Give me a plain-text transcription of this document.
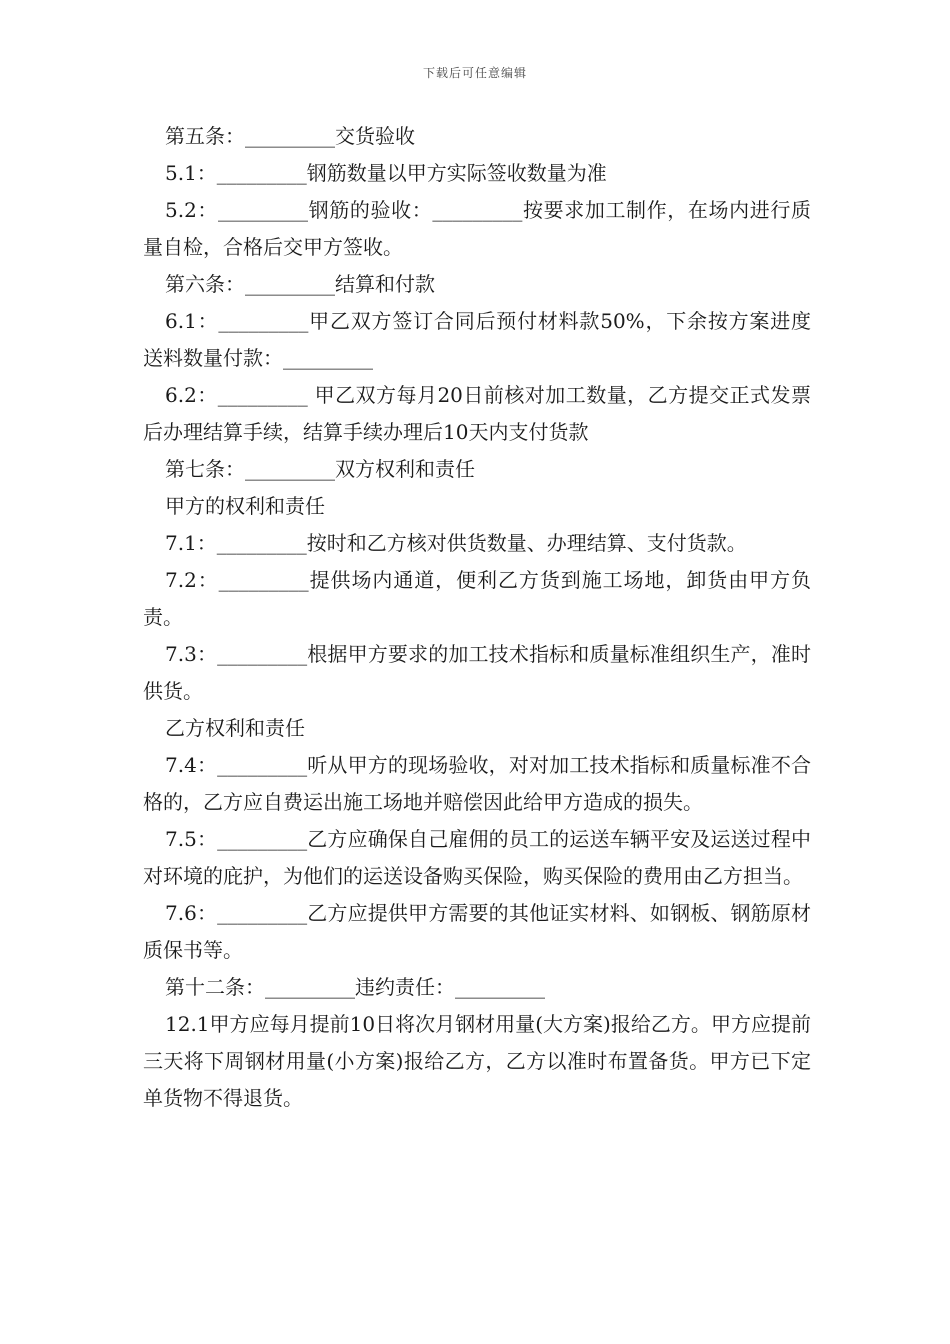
下载后可任意编辑

第五条：_________交货验收

5.1：_________钢筋数量以甲方实际签收数量为准

5.2：_________钢筋的验收：_________按要求加工制作，在场内进行质量自检，合格后交甲方签收。

第六条：_________结算和付款

6.1：_________甲乙双方签订合同后预付材料款50%，下余按方案进度送料数量付款：_________

6.2：_________ 甲乙双方每月20日前核对加工数量，乙方提交正式发票后办理结算手续，结算手续办理后10天内支付货款

第七条：_________双方权利和责任

甲方的权利和责任

7.1：_________按时和乙方核对供货数量、办理结算、支付货款。

7.2：_________提供场内通道，便利乙方货到施工场地，卸货由甲方负责。

7.3：_________根据甲方要求的加工技术指标和质量标准组织生产，准时供货。

乙方权利和责任

7.4：_________听从甲方的现场验收，对对加工技术指标和质量标准不合格的，乙方应自费运出施工场地并赔偿因此给甲方造成的损失。

7.5：_________乙方应确保自己雇佣的员工的运送车辆平安及运送过程中对环境的庇护，为他们的运送设备购买保险，购买保险的费用由乙方担当。

7.6：_________乙方应提供甲方需要的其他证实材料、如钢板、钢筋原材质保书等。

第十二条：_________违约责任：_________

12.1甲方应每月提前10日将次月钢材用量(大方案)报给乙方。甲方应提前三天将下周钢材用量(小方案)报给乙方，乙方以准时布置备货。甲方已下定单货物不得退货。
